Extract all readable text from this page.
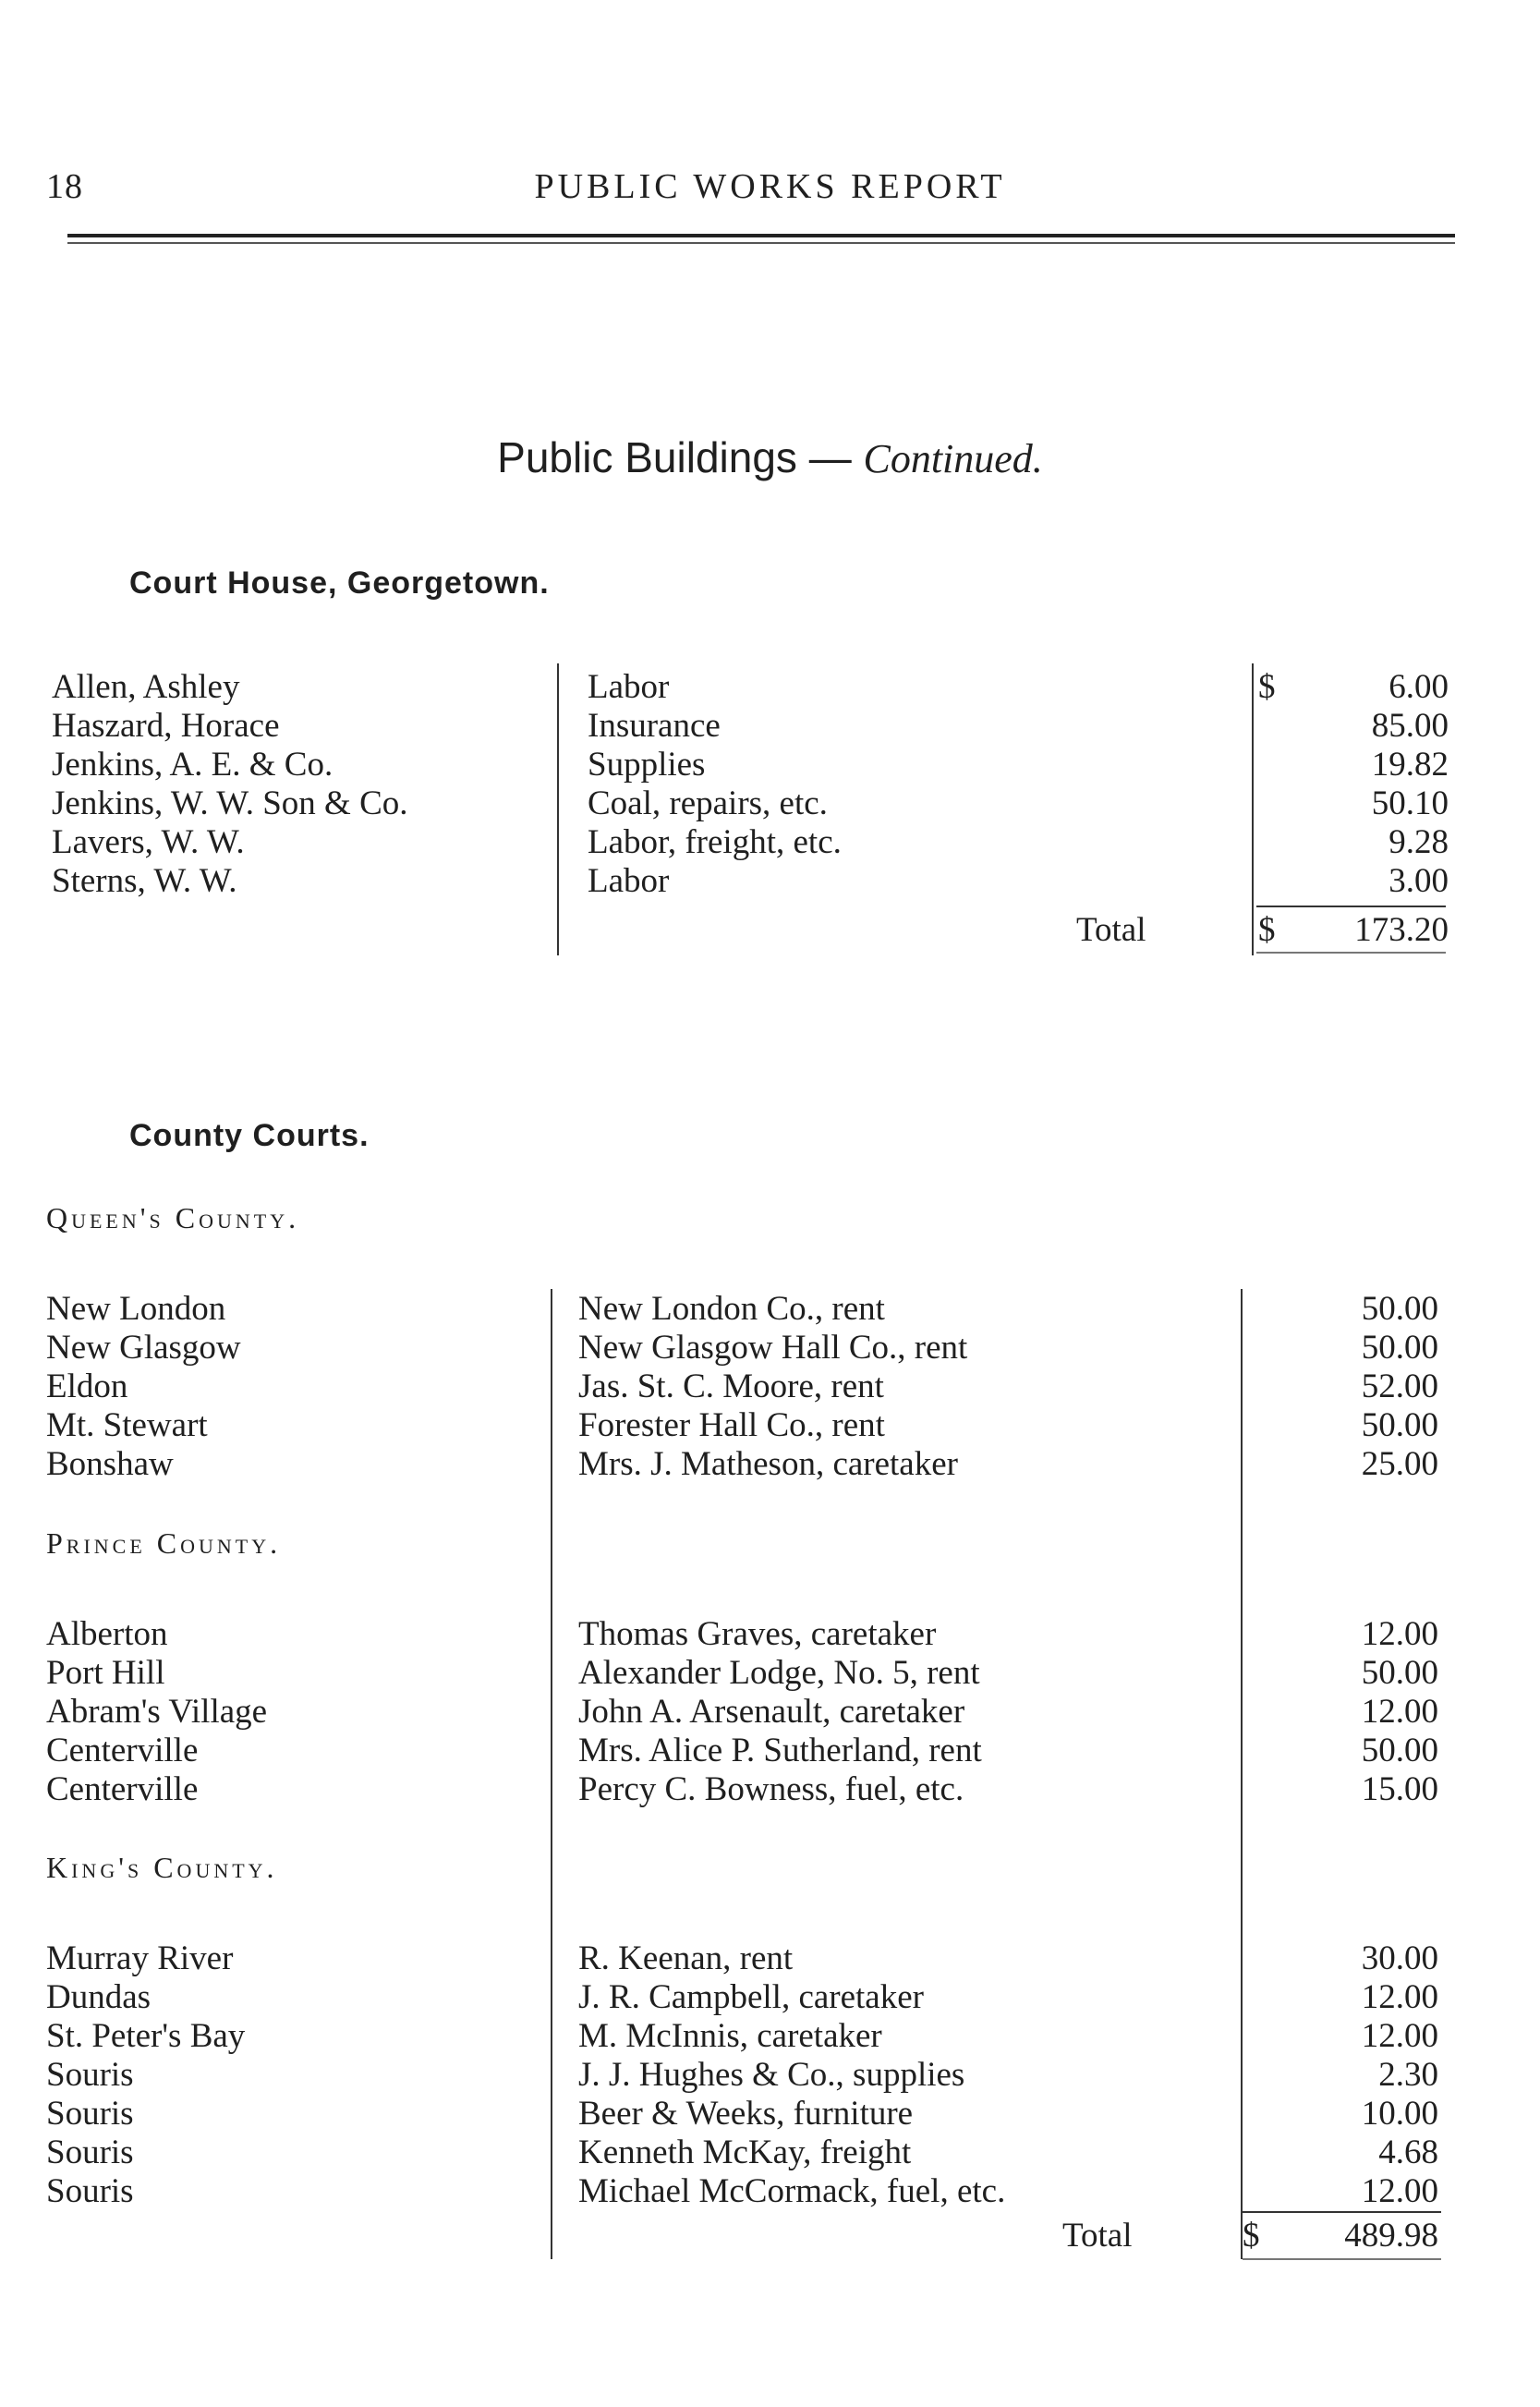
18	PUBLIC WORKS REPORT
Public Buildings — Continued.
Court House, Georgetown.
Allen, Ashley	Labor	$	6.00
Haszard, Horace	Insurance	85.00
Jenkins, A. E. & Co.	Supplies	19.82
Jenkins, W. W. Son & Co.	Coal, repairs, etc.	50.10
Lavers, W. W.	Labor, freight, etc.	9.28
Sterns, W. W.	Labor	3.00
Total	$ 173.20
County Courts.
Queen's County.
New London	New London Co., rent	50.00
New Glasgow	New Glasgow Hall Co., rent	50.00
Eldon	Jas. St. C. Moore, rent	52.00
Mt. Stewart	Forester Hall Co., rent	50.00
Bonshaw	Mrs. J. Matheson, caretaker	25.00
Prince County.
Alberton	Thomas Graves, caretaker	12.00
Port Hill	Alexander Lodge, No. 5, rent	50.00
Abram's Village	John A. Arsenault, caretaker	12.00
Centerville	Mrs. Alice P. Sutherland, rent	50.00
Centerville	Percy C. Bowness, fuel, etc.	15.00
King's County.
Murray River	R. Keenan, rent	30.00
Dundas	J. R. Campbell, caretaker	12.00
St. Peter's Bay	M. McInnis, caretaker	12.00
Souris	J. J. Hughes & Co., supplies	2.30
Souris	Beer & Weeks, furniture	10.00
Souris	Kenneth McKay, freight	4.68
Souris	Michael McCormack, fuel, etc.	12.00
Total	$ 489.98
